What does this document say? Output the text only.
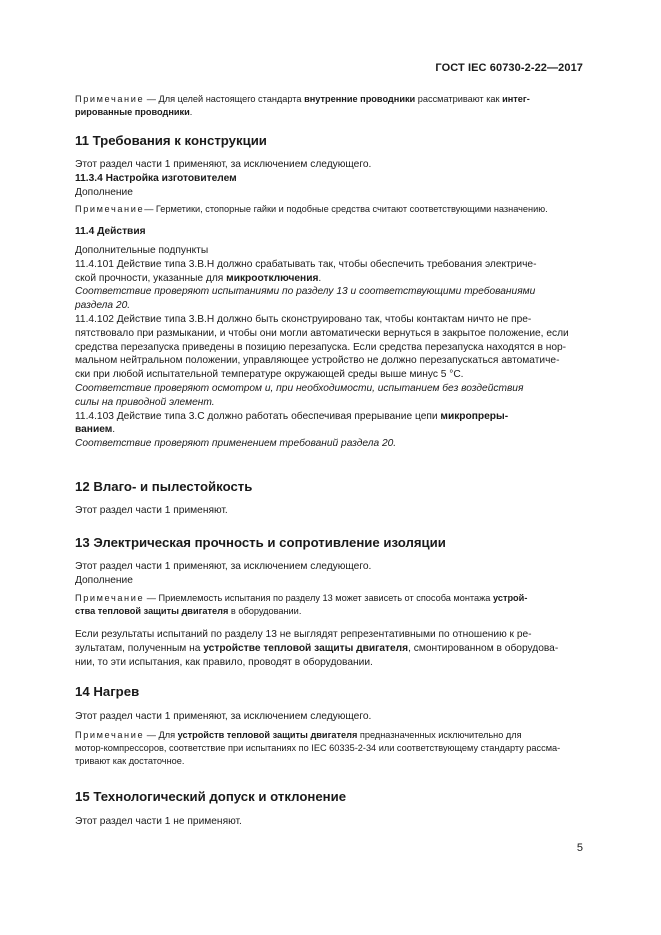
ГОСТ IEC 60730-2-22—2017

Примечание — Для целей настоящего стандарта внутренние проводники рассматривают как интег-
рированные проводники.

11 Требования к конструкции

Этот раздел части 1 применяют, за исключением следующего.

11.3.4 Настройка изготовителем

Дополнение

Примечание— Герметики, стопорные гайки и подобные средства считают соответствующими назначению.

11.4 Действия

Дополнительные подпункты

11.4.101 Действие типа 3.В.Н должно срабатывать так, чтобы обеспечить требования электриче-
ской прочности, указанные для микроотключения.

Соответствие проверяют испытаниями по разделу 13 и соответствующими требованиями
раздела 20.

11.4.102 Действие типа 3.В.Н должно быть сконструировано так, чтобы контактам ничто не пре-
пятствовало при размыкании, и чтобы они могли автоматически вернуться в закрытое положение, если
средства перезапуска приведены в позицию перезапуска. Если средства перезапуска находятся в нор-
мальном нейтральном положении, управляющее устройство не должно перезапускаться автоматиче-
ски при любой испытательной температуре окружающей среды выше минус 5 °С.

Соответствие проверяют осмотром и, при необходимости, испытанием без воздействия
силы на приводной элемент.

11.4.103 Действие типа 3.С должно работать обеспечивая прерывание цепи микропреры-
ванием.

Соответствие проверяют применением требований раздела 20.

12 Влаго- и пылестойкость

Этот раздел части 1 применяют.

13 Электрическая прочность и сопротивление изоляции

Этот раздел части 1 применяют, за исключением следующего.

Дополнение

Примечание — Приемлемость испытания по разделу 13 может зависеть от способа монтажа устрой-
ства тепловой защиты двигателя в оборудовании.

Если результаты испытаний по разделу 13 не выглядят репрезентативными по отношению к ре-
зультатам, полученным на устройстве тепловой защиты двигателя, смонтированном в оборудова-
нии, то эти испытания, как правило, проводят в оборудовании.

14 Нагрев

Этот раздел части 1 применяют, за исключением следующего.

Примечание — Для устройств тепловой защиты двигателя предназначенных исключительно для
мотор-компрессоров, соответствие при испытаниях по IEC 60335-2-34 или соответствующему стандарту рассма-
тривают как достаточное.

15 Технологический допуск и отклонение

Этот раздел части 1 не применяют.

5
